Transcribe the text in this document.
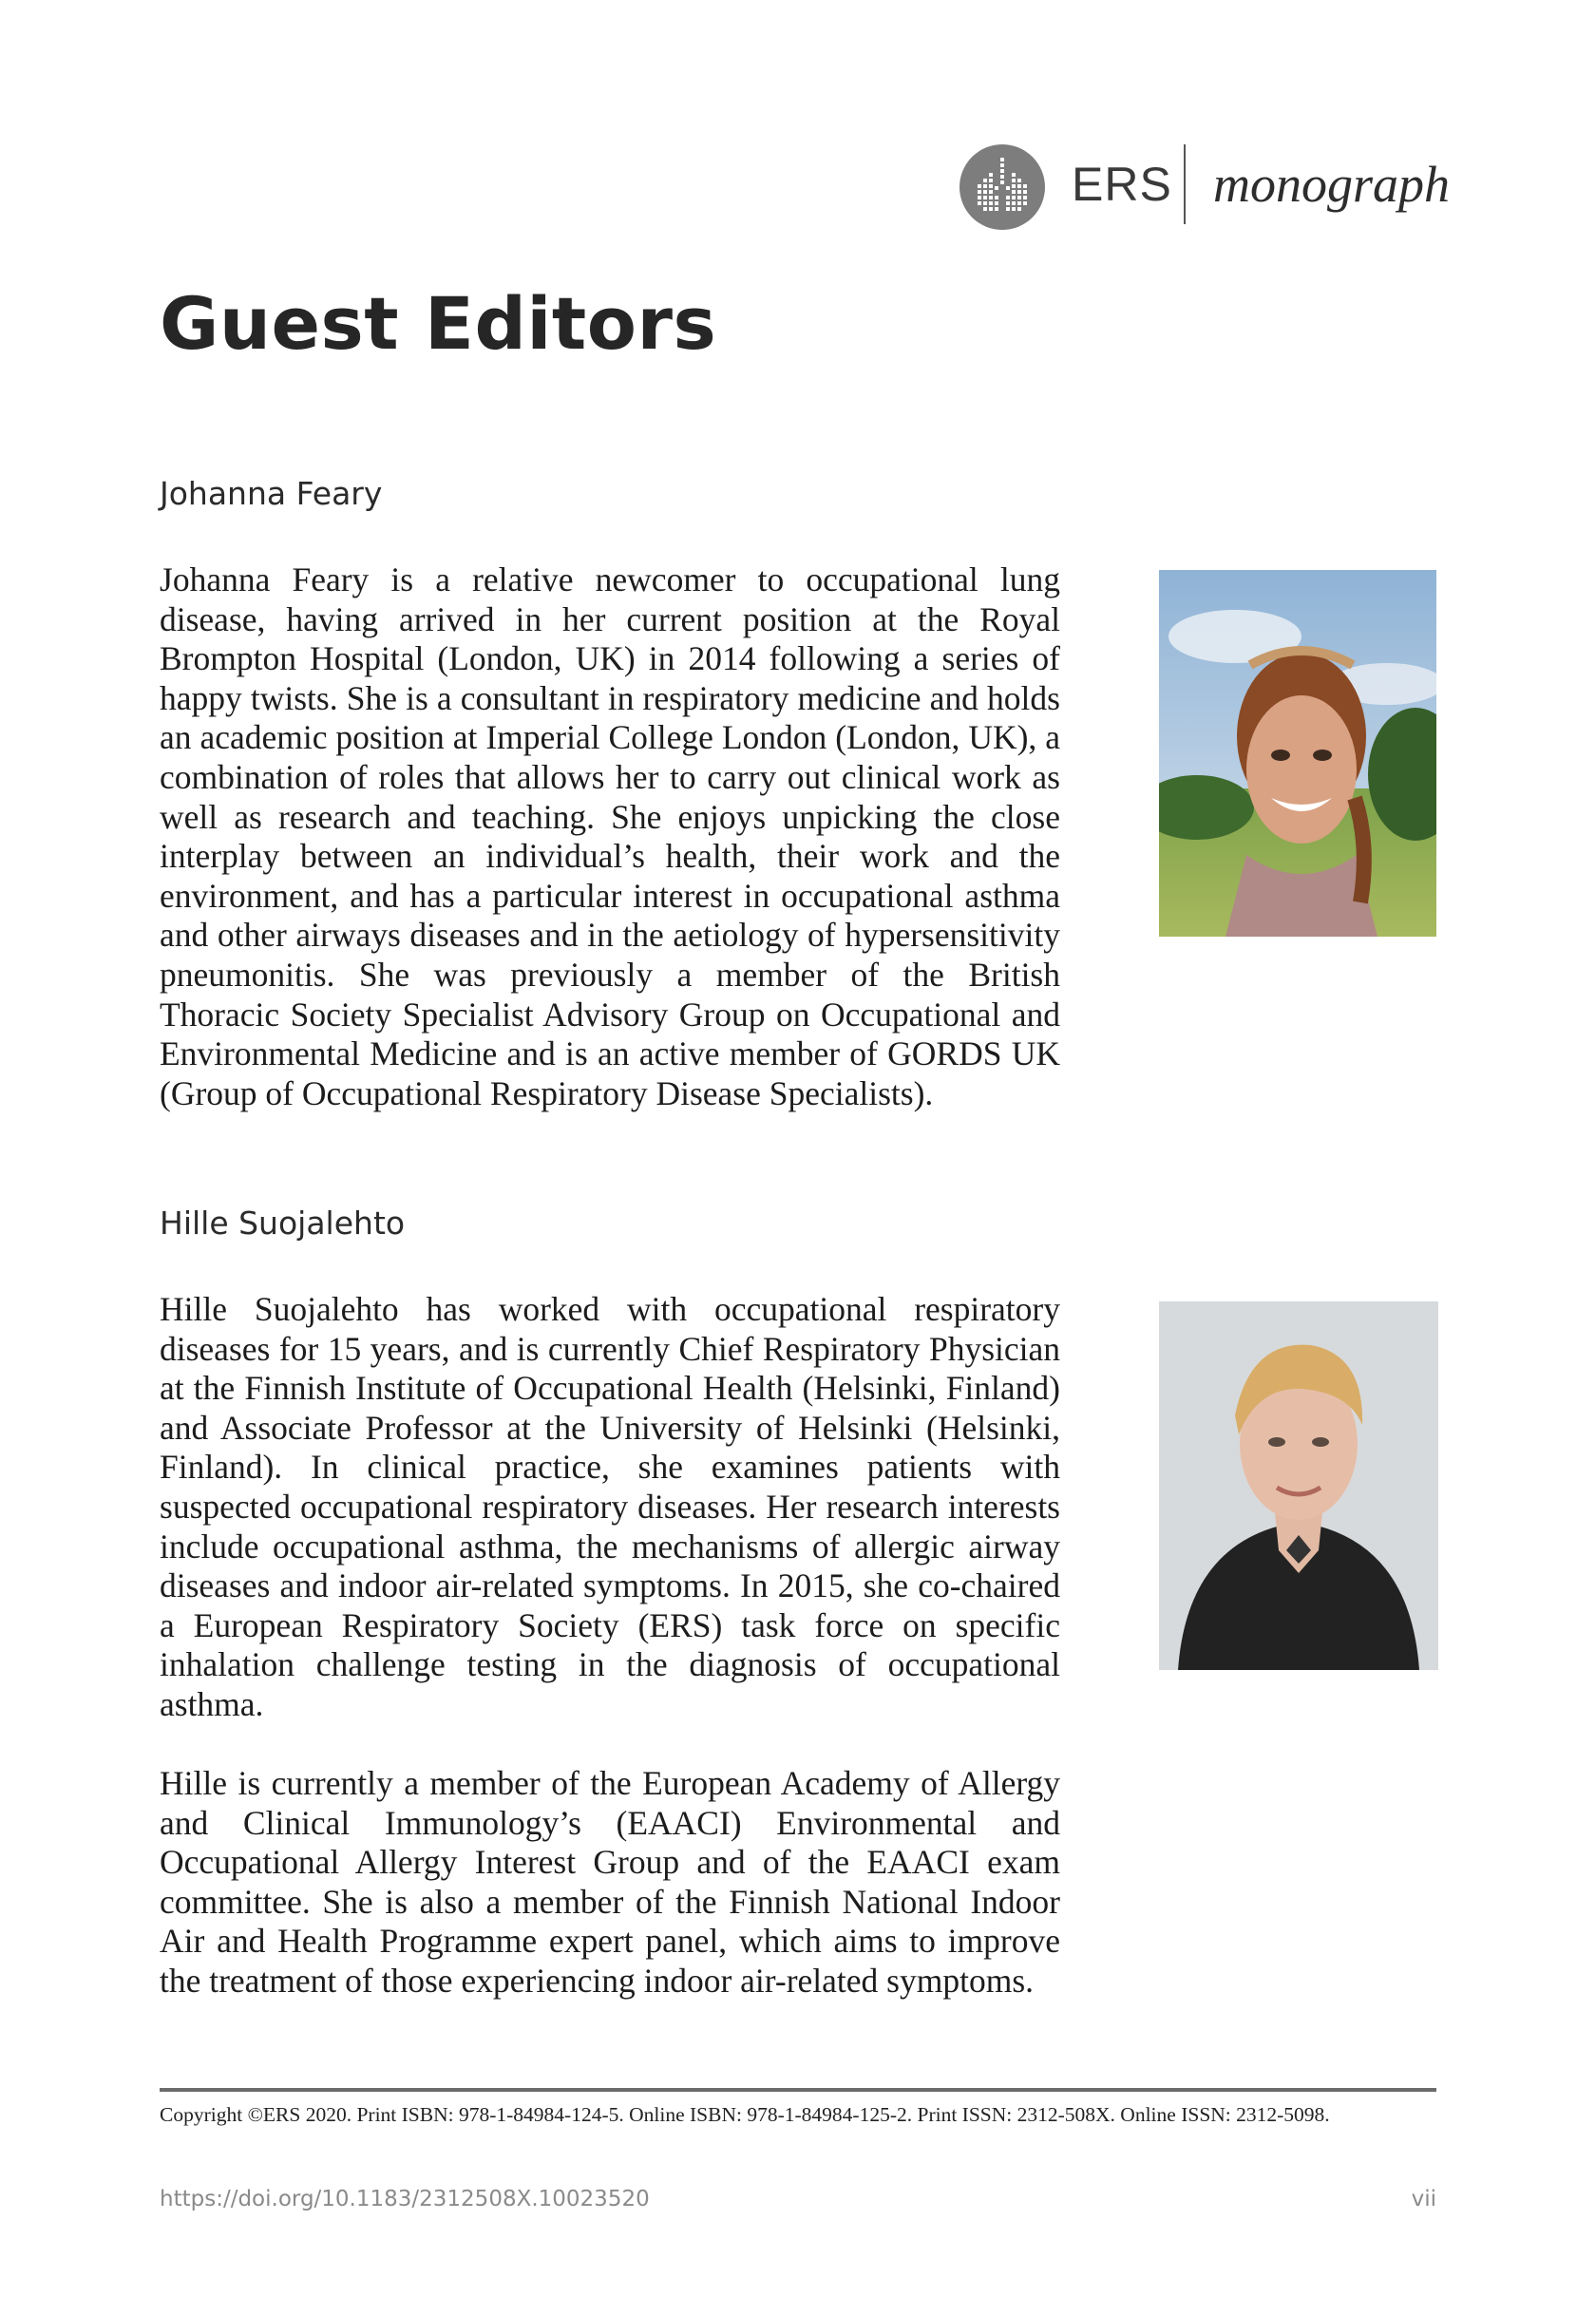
ERS monograph
Guest Editors
Johanna Feary

Johanna Feary is a relative newcomer to occupational lung disease, having arrived in her current position at the Royal Brompton Hospital (London, UK) in 2014 following a series of happy twists. She is a consultant in respiratory medicine and holds an academic position at Imperial College London (London, UK), a combination of roles that allows her to carry out clinical work as well as research and teaching. She enjoys unpicking the close interplay between an individual’s health, their work and the environment, and has a particular interest in occupational asthma and other airways diseases and in the aetiology of hypersensitivity pneumonitis. She was previously a member of the British Thoracic Society Specialist Advisory Group on Occupational and Environmental Medicine and is an active member of GORDS UK (Group of Occupational Respiratory Disease Specialists).

Hille Suojalehto

Hille Suojalehto has worked with occupational respiratory diseases for 15 years, and is currently Chief Respiratory Physician at the Finnish Institute of Occupational Health (Helsinki, Finland) and Associate Professor at the University of Helsinki (Helsinki, Finland). In clinical practice, she examines patients with suspected occupational respiratory diseases. Her research interests include occupational asthma, the mechanisms of allergic airway diseases and indoor air-related symptoms. In 2015, she co-chaired a European Respiratory Society (ERS) task force on specific inhalation challenge testing in the diagnosis of occupational asthma.

Hille is currently a member of the European Academy of Allergy and Clinical Immunology’s (EAACI) Environmental and Occupational Allergy Interest Group and of the EAACI exam committee. She is also a member of the Finnish National Indoor Air and Health Programme expert panel, which aims to improve the treatment of those experiencing indoor air-related symptoms.

Copyright ©ERS 2020. Print ISBN: 978-1-84984-124-5. Online ISBN: 978-1-84984-125-2. Print ISSN: 2312-508X. Online ISSN: 2312-5098.
https://doi.org/10.1183/2312508X.10023520	vii
